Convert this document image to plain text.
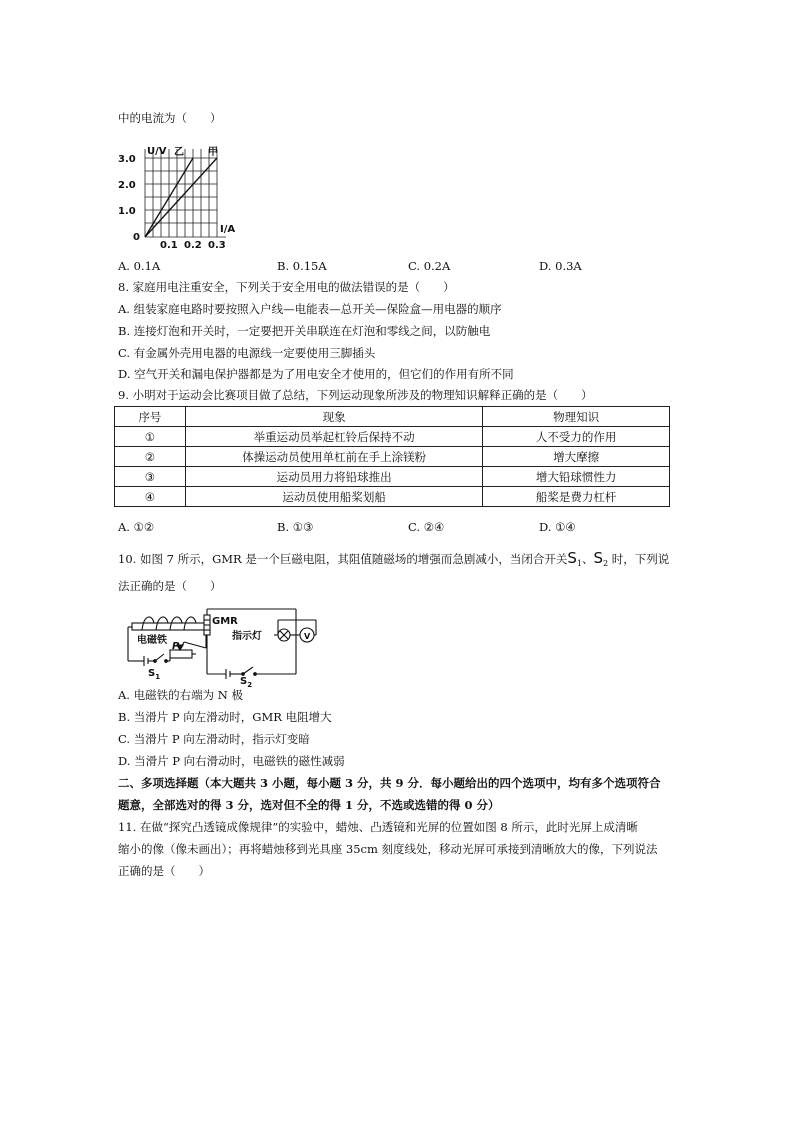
中的电流为（　　）
U/V 乙 甲
3.0
2.0
1.0
0
0.1 0.2 0.3
I/A
A. 0.1A	B. 0.15A	C. 0.2A	D. 0.3A
8. 家庭用电注重安全，下列关于安全用电的做法错误的是（　　）
A. 组装家庭电路时要按照入户线—电能表—总开关—保险盒—用电器的顺序
B. 连接灯泡和开关时，一定要把开关串联连在灯泡和零线之间，以防触电
C. 有金属外壳用电器的电源线一定要使用三脚插头
D. 空气开关和漏电保护器都是为了用电安全才使用的，但它们的作用有所不同
9. 小明对于运动会比赛项目做了总结，下列运动现象所涉及的物理知识解释正确的是（　　）
序号	现象	物理知识
①	举重运动员举起杠铃后保持不动	人不受力的作用
②	体操运动员使用单杠前在手上涂镁粉	增大摩擦
③	运动员用力将铅球推出	增大铅球惯性力
④	运动员使用船桨划船	船桨是费力杠杆
A. ①②	B. ①③	C. ②④	D. ①④
10. 如图 7 所示，GMR 是一个巨磁电阻，其阻值随磁场的增强而急剧减小，当闭合开关$S_1$、$S_2$ 时，下列说
法正确的是（　　）
电磁铁
GMR
指示灯	V
P
$S_1$	$S_2$
A. 电磁铁的右端为 N 极
B. 当滑片 P 向左滑动时，GMR 电阻增大
C. 当滑片 P 向左滑动时，指示灯变暗
D. 当滑片 P 向右滑动时，电磁铁的磁性减弱
二、多项选择题（本大题共 3 小题，每小题 3 分，共 9 分．每小题给出的四个选项中，均有多个选项符合
题意，全部选对的得 3 分，选对但不全的得 1 分，不选或选错的得 0 分）
11. 在做“探究凸透镜成像规律”的实验中，蜡烛、凸透镜和光屏的位置如图 8 所示，此时光屏上成清晰
缩小的像（像未画出）；再将蜡烛移到光具座 35cm 刻度线处，移动光屏可承接到清晰放大的像，下列说法
正确的是（　　）
